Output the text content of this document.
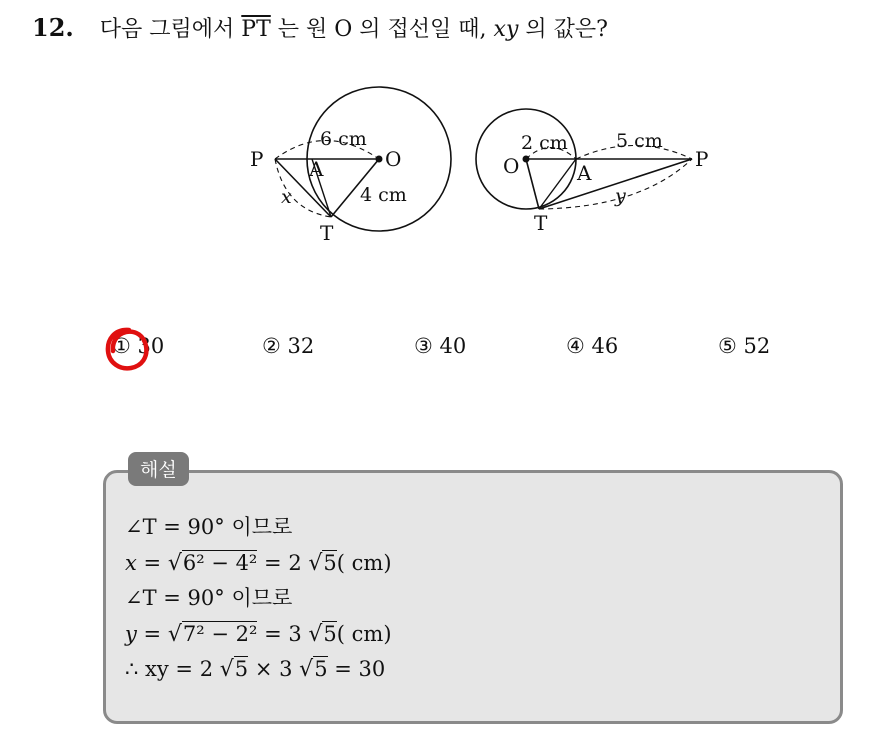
12. 다음 그림에서 $\overline{PT}$ 는 원 O 의 접선일 때, xy 의 값은?
P A	O
T
6 cm
4 cm
x
O	A
P
T
2 cm	5 cm
y
① 30	② 32	③ 40	④ 46	⑤ 52
해설
∠T = 90° 이므로
x = √6² − 4² = 2 √5( cm)
∠T = 90° 이므로
y = √7² − 2² = 3 √5( cm)
∴ xy = 2 √5 × 3 √5 = 30
